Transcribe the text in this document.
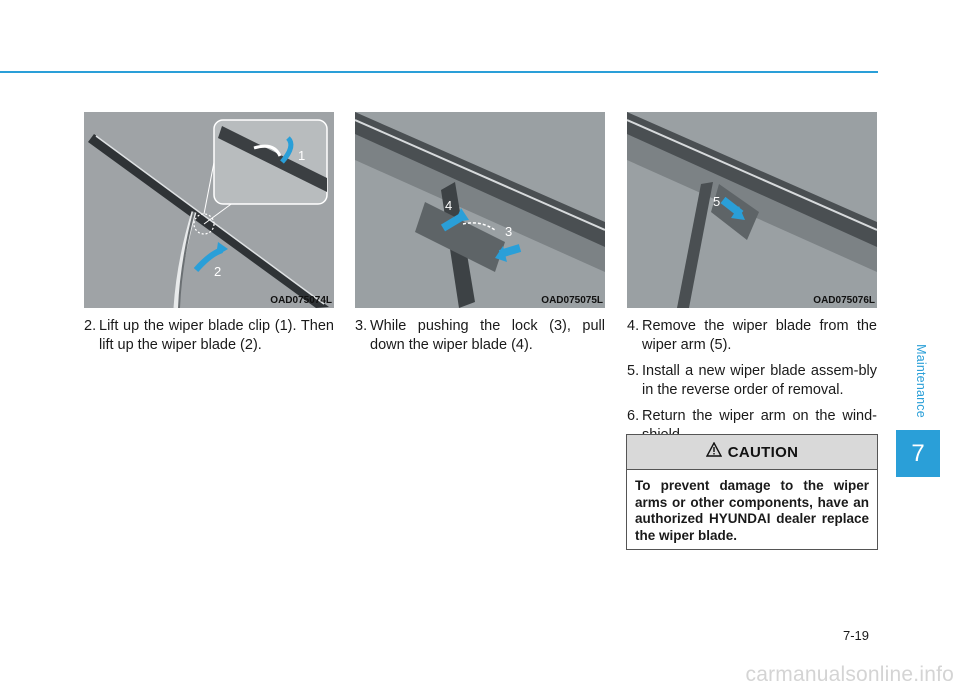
1
2
OAD075074L
4
3
OAD075075L
5
OAD075076L
2. Lift up the wiper blade clip (1). Then lift up the wiper blade (2).
3. While pushing the lock (3), pull down the wiper blade (4).
4. Remove the wiper blade from the wiper arm (5).
5. Install a new wiper blade assem-bly in the reverse order of removal.
6. Return the wiper arm on the wind-
CAUTION
To prevent damage to the wiper arms or other components, have an authorized HYUNDAI dealer replace the wiper blade.
Maintenance
7
7-19
carmanualsonline.info
